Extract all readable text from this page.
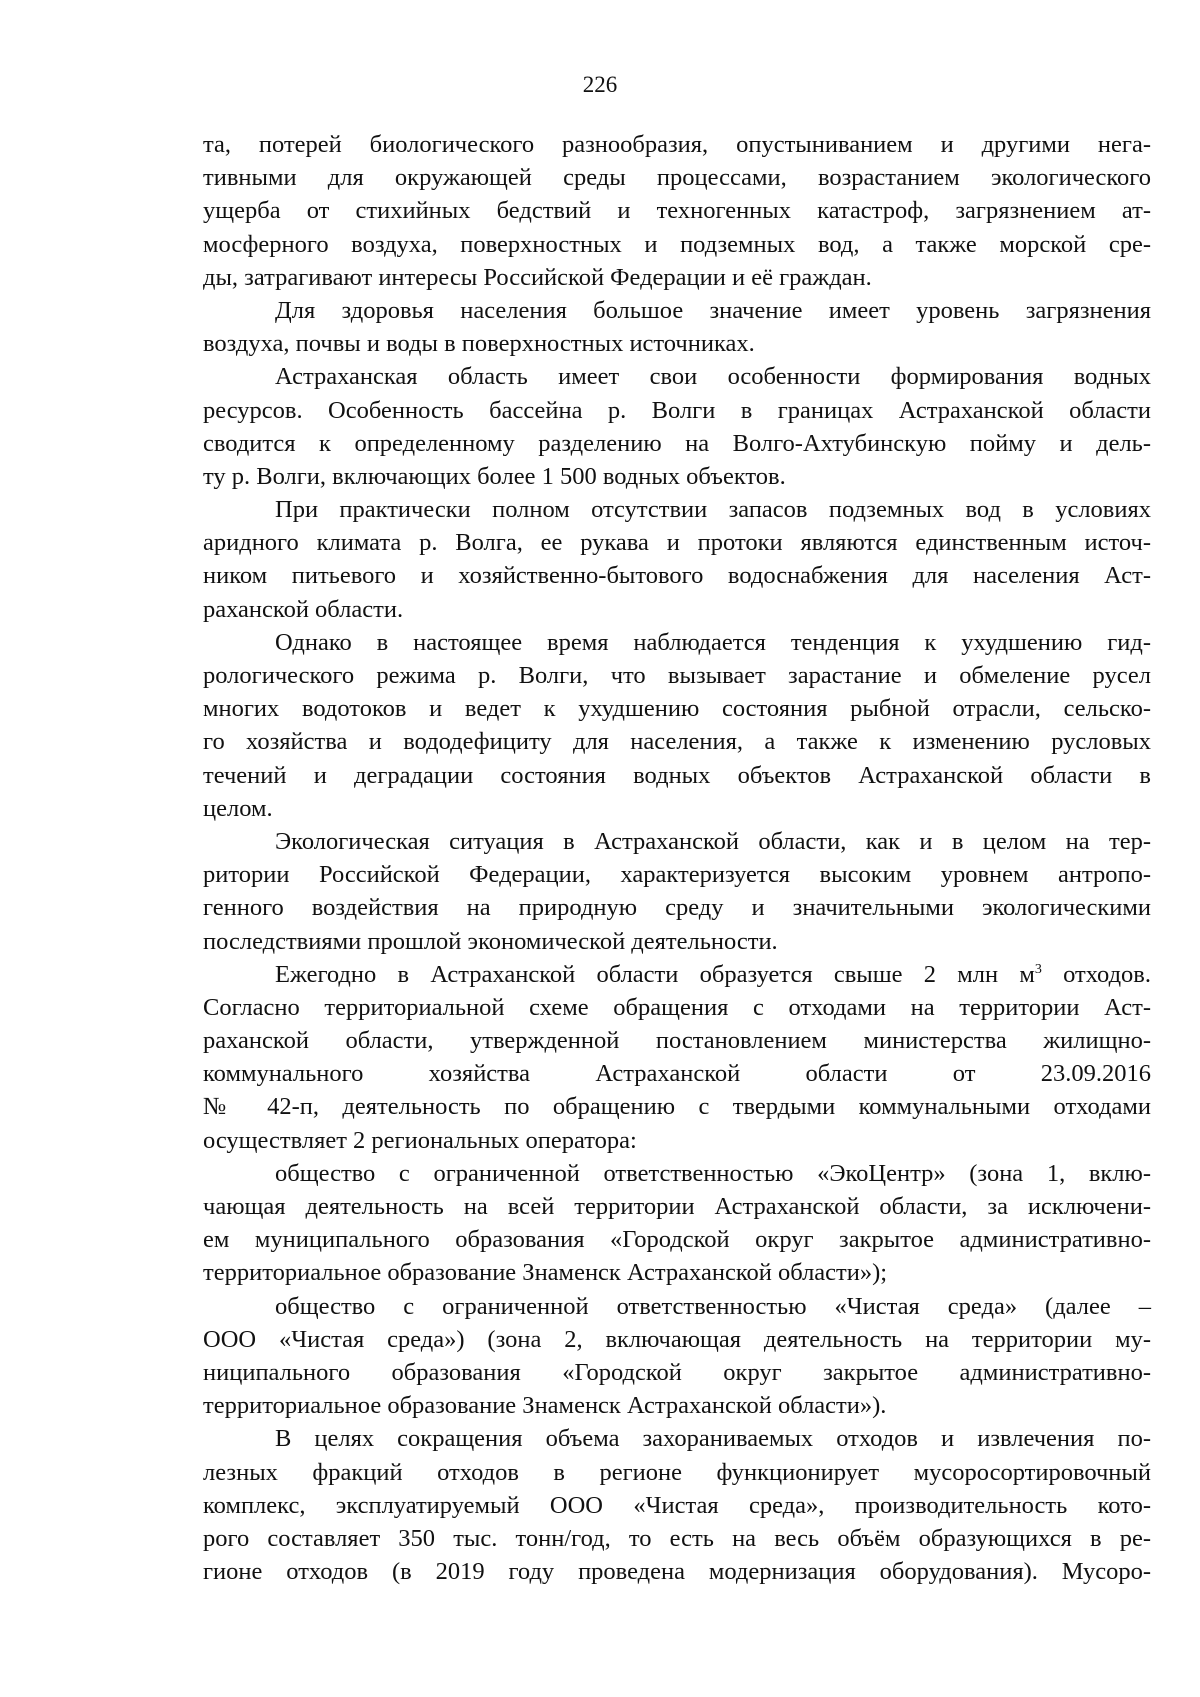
226
та, потерей биологического разнообразия, опустыниванием и другими нега-
тивными для окружающей среды процессами, возрастанием экологического
ущерба от стихийных бедствий и техногенных катастроф, загрязнением ат-
мосферного воздуха, поверхностных и подземных вод, а также морской сре-
ды, затрагивают интересы Российской Федерации и её граждан.
Для здоровья населения большое значение имеет уровень загрязнения
воздуха, почвы и воды в поверхностных источниках.
Астраханская область имеет свои особенности формирования водных
ресурсов. Особенность бассейна р. Волги в границах Астраханской области
сводится к определенному разделению на Волго-Ахтубинскую пойму и дель-
ту р. Волги, включающих более 1 500 водных объектов.
При практически полном отсутствии запасов подземных вод в условиях
аридного климата р. Волга, ее рукава и протоки являются единственным источ-
ником питьевого и хозяйственно-бытового водоснабжения для населения Аст-
раханской области.
Однако в настоящее время наблюдается тенденция к ухудшению гид-
рологического режима р. Волги, что вызывает зарастание и обмеление русел
многих водотоков и ведет к ухудшению состояния рыбной отрасли, сельско-
го хозяйства и вододефициту для населения, а также к изменению русловых
течений и деградации состояния водных объектов Астраханской области в
целом.
Экологическая ситуация в Астраханской области, как и в целом на тер-
ритории Российской Федерации, характеризуется высоким уровнем антропо-
генного воздействия на природную среду и значительными экологическими
последствиями прошлой экономической деятельности.
Ежегодно в Астраханской области образуется свыше 2 млн $м^3$ отходов.
Согласно территориальной схеме обращения с отходами на территории Аст-
раханской области, утвержденной постановлением министерства жилищно-
коммунального хозяйства Астраханской области от 23.09.2016
№ 42-п, деятельность по обращению с твердыми коммунальными отходами
осуществляет 2 региональных оператора:
общество с ограниченной ответственностью «ЭкоЦентр» (зона 1, вклю-
чающая деятельность на всей территории Астраханской области, за исключени-
ем муниципального образования «Городской округ закрытое административно-
территориальное образование Знаменск Астраханской области»);
общество с ограниченной ответственностью «Чистая среда» (далее –
ООО «Чистая среда») (зона 2, включающая деятельность на территории му-
ниципального образования «Городской округ закрытое административно-
территориальное образование Знаменск Астраханской области»).
В целях сокращения объема захораниваемых отходов и извлечения по-
лезных фракций отходов в регионе функционирует мусоросортировочный
комплекс, эксплуатируемый ООО «Чистая среда», производительность кото-
рого составляет 350 тыс. тонн/год, то есть на весь объём образующихся в ре-
гионе отходов (в 2019 году проведена модернизация оборудования). Мусоро-
